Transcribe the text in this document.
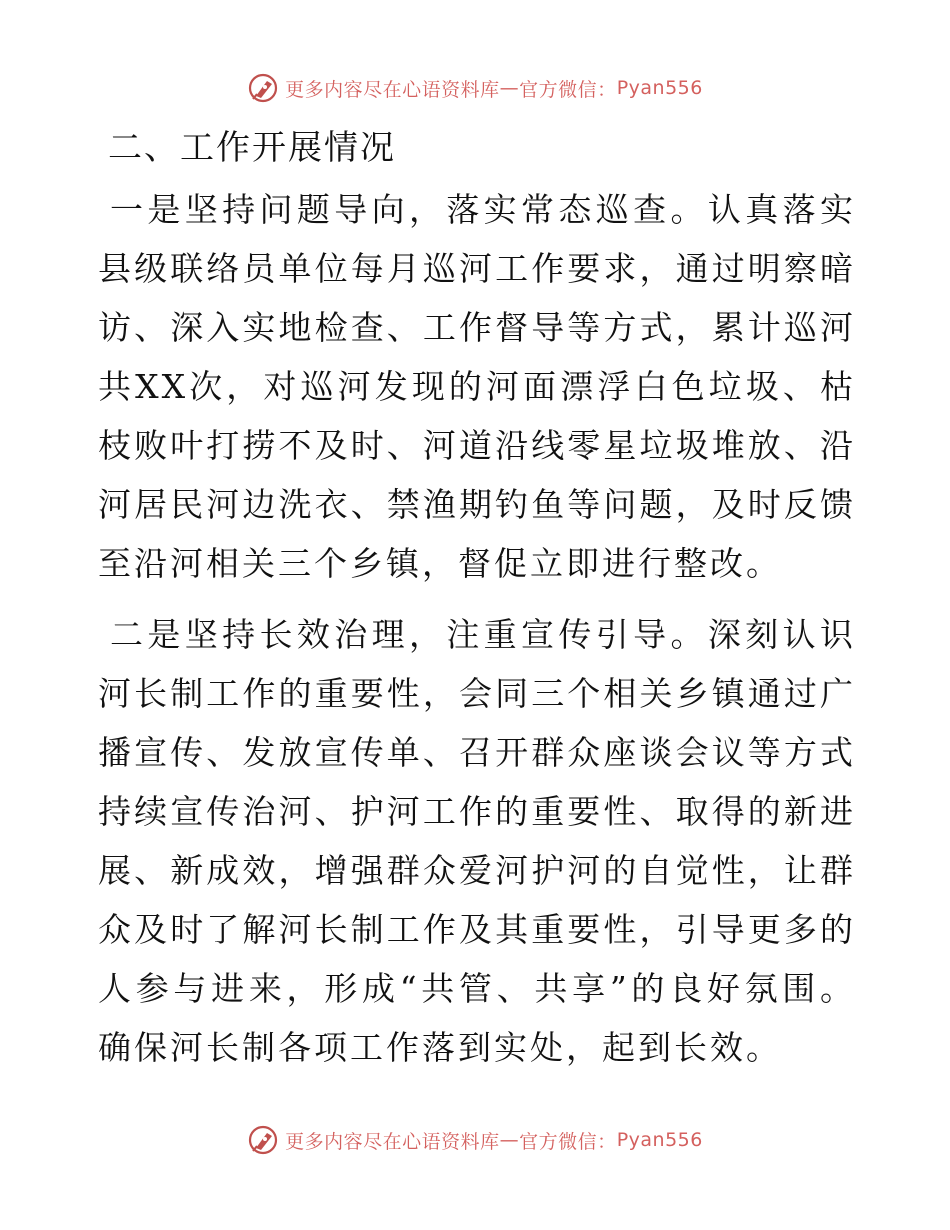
更多内容尽在心语资料库 — 官方微信： Pyan556
二、工作开展情况

一是坚持问题导向，落实常态巡查。认真落实县级联络员单位每月巡河工作要求，通过明察暗访、深入实地检查、工作督导等方式，累计巡河共XX次，对巡河发现的河面漂浮白色垃圾、枯枝败叶打捞不及时、河道沿线零星垃圾堆放、沿河居民河边洗衣、禁渔期钓鱼等问题，及时反馈至沿河相关三个乡镇，督促立即进行整改。

二是坚持长效治理，注重宣传引导。深刻认识河长制工作的重要性，会同三个相关乡镇通过广播宣传、发放宣传单、召开群众座谈会议等方式持续宣传治河、护河工作的重要性、取得的新进展、新成效，增强群众爱河护河的自觉性，让群众及时了解河长制工作及其重要性，引导更多的人参与进来，形成“共管、共享”的良好氛围。确保河长制各项工作落到实处，起到长效。

更多内容尽在心语资料库 — 官方微信： Pyan556
